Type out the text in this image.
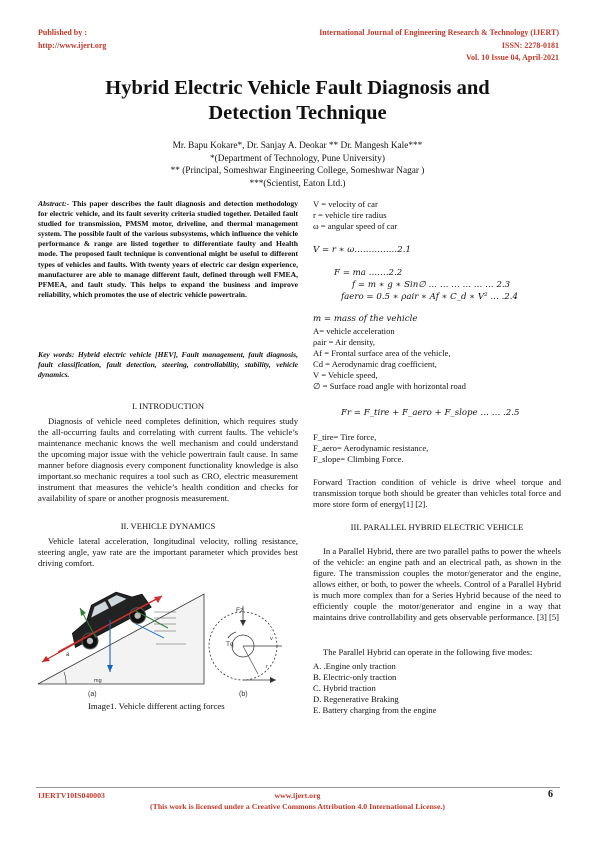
Published by :
http://www.ijert.org
International Journal of Engineering Research & Technology (IJERT)
ISSN: 2278-0181
Vol. 10 Issue 04, April-2021
Hybrid Electric Vehicle Fault Diagnosis and
Detection Technique
Mr. Bapu Kokare*, Dr. Sanjay A. Deokar ** Dr. Mangesh Kale***
*(Department of Technology, Pune University)
** (Principal, Someshwar Engineering College, Someshwar Nagar )
***(Scientist, Eaton Ltd.)
Abstract:- This paper describes the fault diagnosis and detection methodology for electric vehicle, and its fault severity criteria studied together. Detailed fault studied for transmission, PMSM motor, driveline, and thermal management system. The possible fault of the various subsystems, which influence the vehicle performance & range are listed together to differentiate faulty and Health mode. The proposed fault technique is conventional might be useful to different types of vehicles and faults. With twenty years of electric car design experience, manufacturer are able to manage different fault, defined through well FMEA, PFMEA, and fault study. This helps to expand the business and improve reliability, which promotes the use of electric vehicle powertrain.
Key words: Hybrid electric vehicle [HEV], Fault management, fault diagnosis, fault classification, fault detection, steering, controllability, stability, vehicle dynamics.
I. INTRODUCTION
Diagnosis of vehicle need completes definition, which requires study the all-occurring faults and correlating with current faults. The vehicle’s maintenance mechanic knows the well mechanism and could understand the upcoming major issue with the vehicle powertrain fault cause. In same manner before diagnosis every component functionality knowledge is also important.so mechanic requires a tool such as CRO, electric measurement instrument that measures the vehicle’s health condition and checks for availability of spare or another prognosis measurement.
II. VEHICLE DYNAMICS
Vehicle lateral acceleration, longitudinal velocity, rolling resistance, steering angle, yaw rate are the important parameter which provides best driving comfort.
a
mg
(a)
Fz
Tq
v
r
(b)
Image1. Vehicle different acting forces
V = velocity of car
r = vehicle tire radius
ω = angular speed of car
V = r ∗ ω……………2.1
F = ma …….2.2
f = m ∗ g ∗ Sin∅ … … … … … … 2.3
faero = 0.5 ∗ ρair ∗ Af ∗ C_d ∗ V² … .2.4
m = mass of the vehicle
A= vehicle acceleration
ρair = Air density,
Af = Frontal surface area of the vehicle,
Cd = Aerodynamic drag coefficient,
V = Vehicle speed,
∅ = Surface road angle with horizontal road
Fr = F_tire + F_aero + F_slope … … .2.5
F_tire= Tire force,
F_aero= Aerodynamic resistance,
F_slope= Climbing Force.
Forward Traction condition of vehicle is drive wheel torque and transmission torque both should be greater than vehicles total force and more store form of energy[1] [2].
III. PARALLEL HYBRID ELECTRIC VEHICLE
In a Parallel Hybrid, there are two parallel paths to power the wheels of the vehicle: an engine path and an electrical path, as shown in the figure. The transmission couples the motor/generator and the engine, allows either, or both, to power the wheels. Control of a Parallel Hybrid is much more complex than for a Series Hybrid because of the need to efficiently couple the motor/generator and engine in a way that maintains drive controllability and gets observable performance. [3] [5]
The Parallel Hybrid can operate in the following five modes:
A. .Engine only traction
B. Electric-only traction
C. Hybrid traction
D. Regenerative Braking
E. Battery charging from the engine
IJERTV10IS040003	www.ijert.org
(This work is licensed under a Creative Commons Attribution 4.0 International License.)
6
